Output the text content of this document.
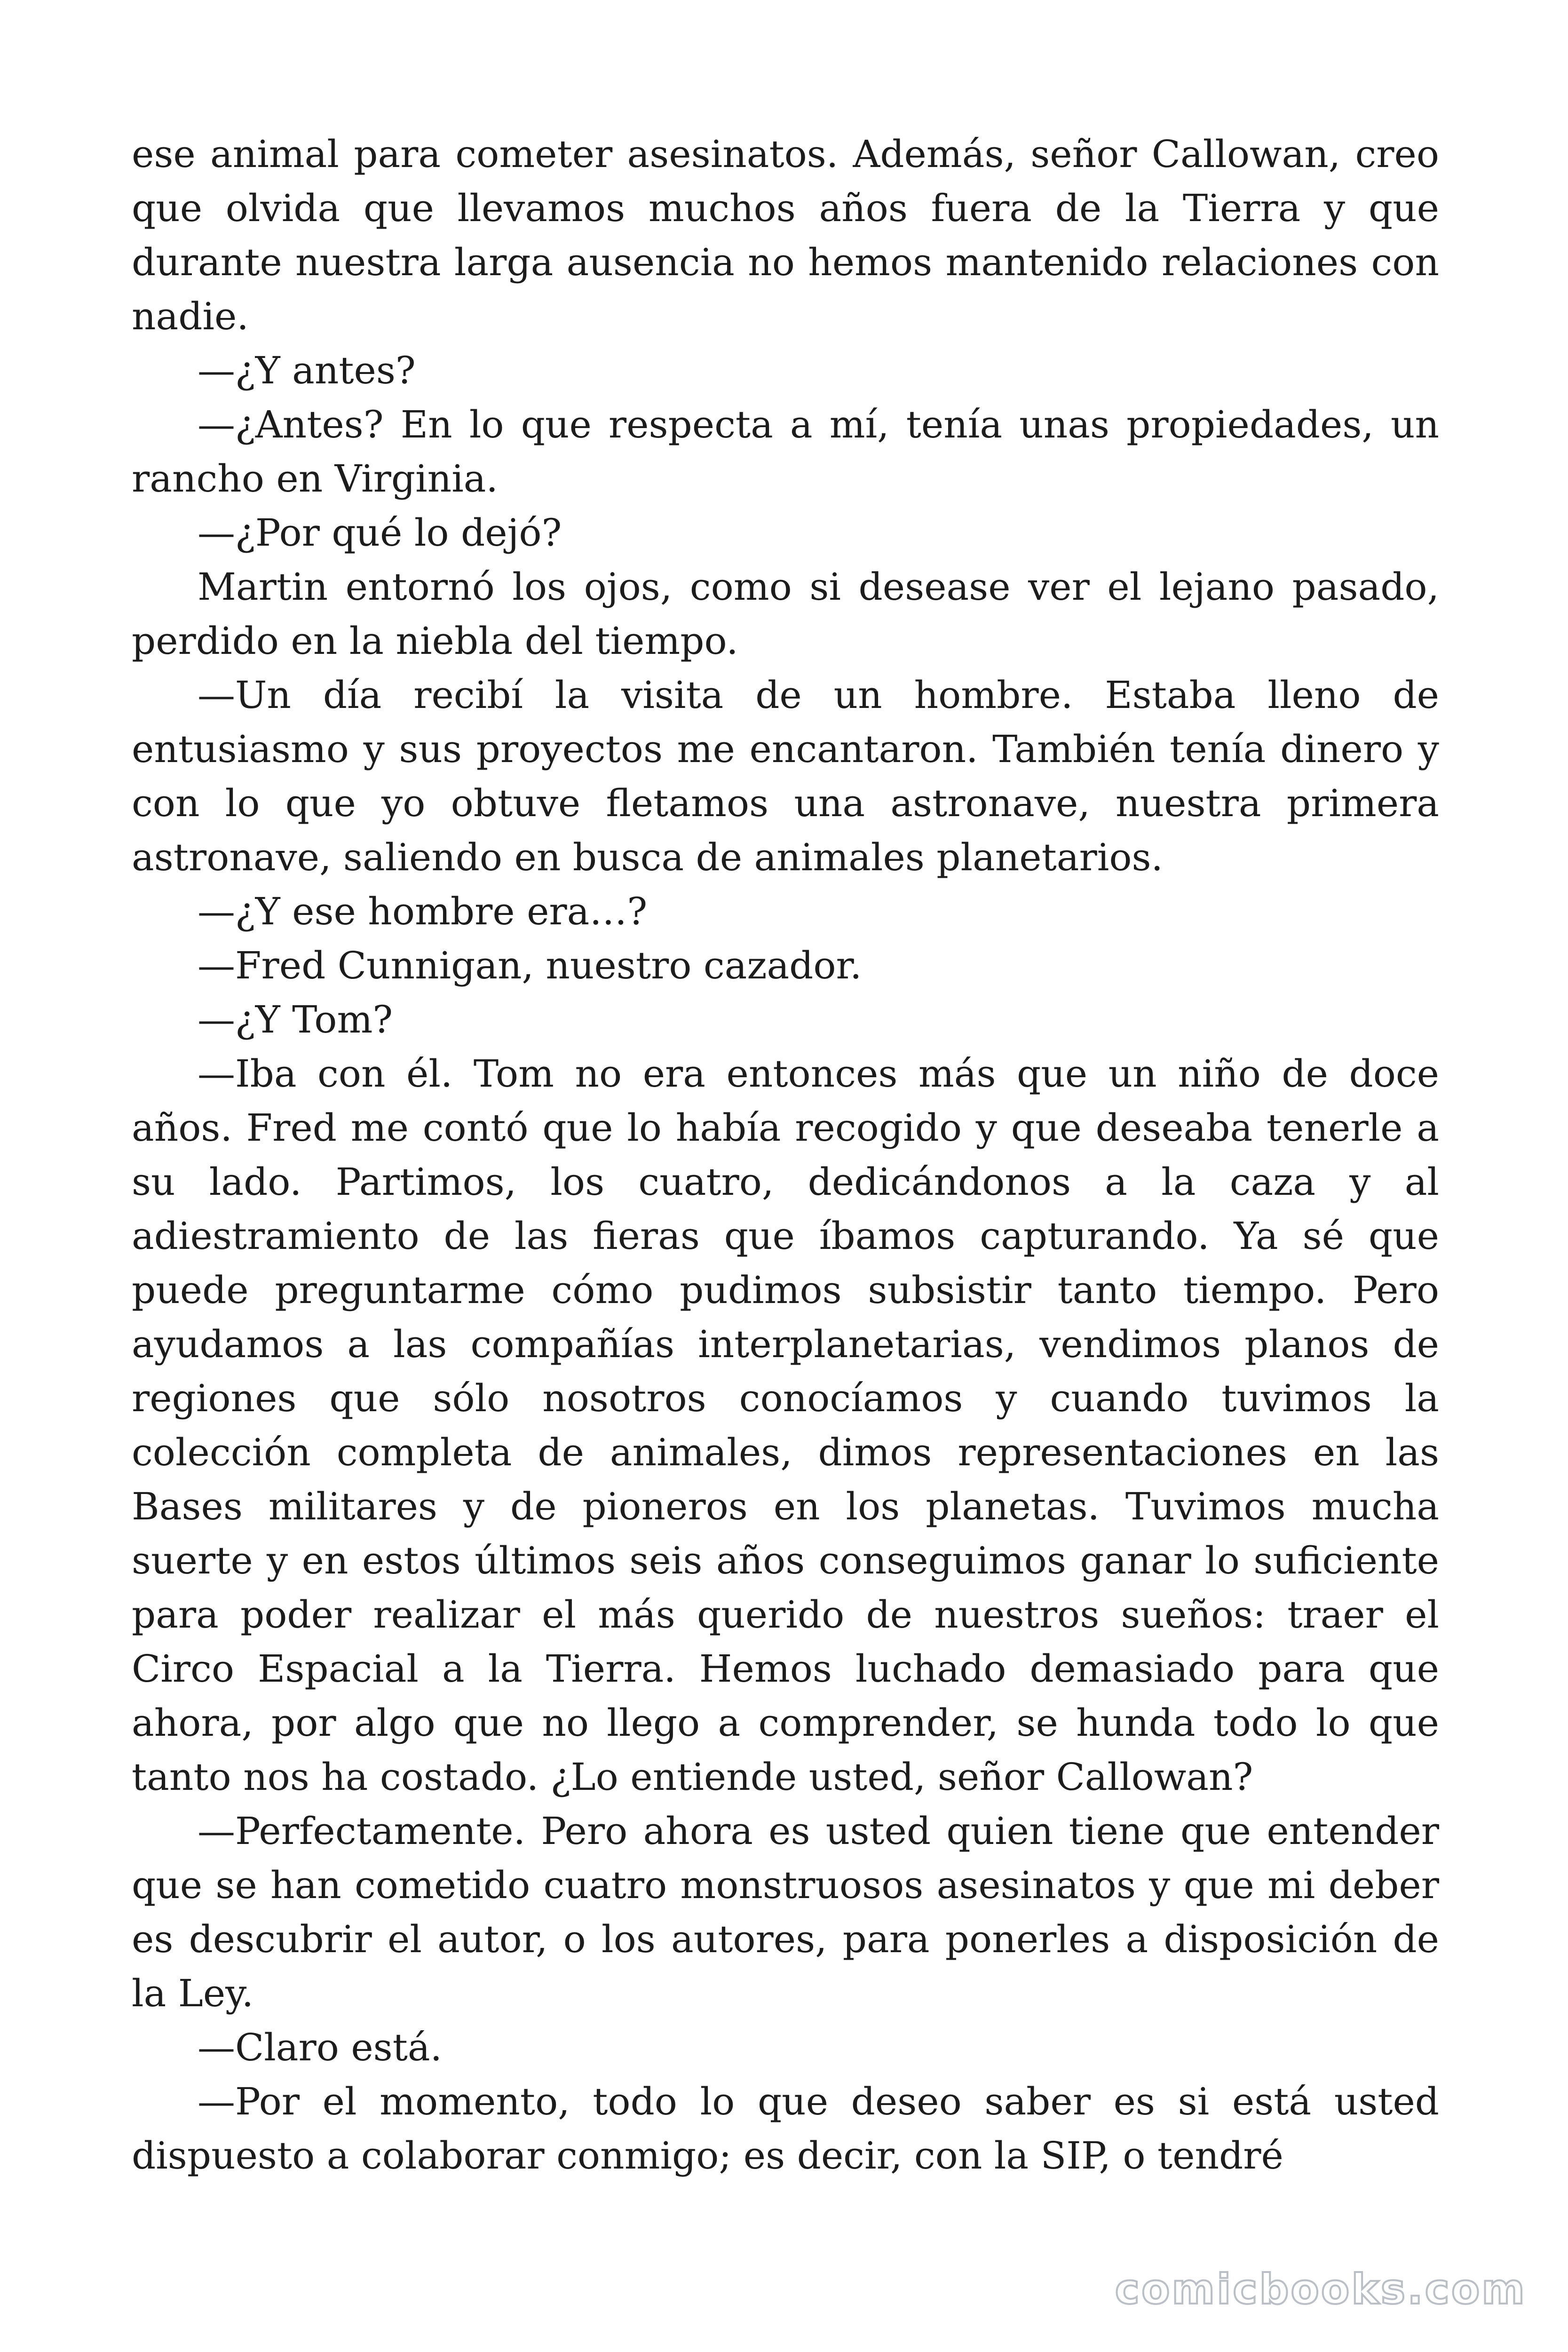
ese animal para cometer asesinatos. Además, señor Callowan, creo que olvida que llevamos muchos años fuera de la Tierra y que durante nuestra larga ausencia no hemos mantenido relaciones con nadie.

—¿Y antes?

—¿Antes? En lo que respecta a mí, tenía unas propiedades, un rancho en Virginia.

—¿Por qué lo dejó?

Martin entornó los ojos, como si desease ver el lejano pasado, perdido en la niebla del tiempo.

—Un día recibí la visita de un hombre. Estaba lleno de entusiasmo y sus proyectos me encantaron. También tenía dinero y con lo que yo obtuve fletamos una astronave, nuestra primera astronave, saliendo en busca de animales planetarios.

—¿Y ese hombre era…?

—Fred Cunnigan, nuestro cazador.

—¿Y Tom?

—Iba con él. Tom no era entonces más que un niño de doce años. Fred me contó que lo había recogido y que deseaba tenerle a su lado. Partimos, los cuatro, dedicándonos a la caza y al adiestramiento de las fieras que íbamos capturando. Ya sé que puede preguntarme cómo pudimos subsistir tanto tiempo. Pero ayudamos a las compañías interplanetarias, vendimos planos de regiones que sólo nosotros conocíamos y cuando tuvimos la colección completa de animales, dimos representaciones en las Bases militares y de pioneros en los planetas. Tuvimos mucha suerte y en estos últimos seis años conseguimos ganar lo suficiente para poder realizar el más querido de nuestros sueños: traer el Circo Espacial a la Tierra. Hemos luchado demasiado para que ahora, por algo que no llego a comprender, se hunda todo lo que tanto nos ha costado. ¿Lo entiende usted, señor Callowan?

—Perfectamente. Pero ahora es usted quien tiene que entender que se han cometido cuatro monstruosos asesinatos y que mi deber es descubrir el autor, o los autores, para ponerles a disposición de la Ley.

—Claro está.

—Por el momento, todo lo que deseo saber es si está usted dispuesto a colaborar conmigo; es decir, con la SIP, o tendré

comicbooks.com
